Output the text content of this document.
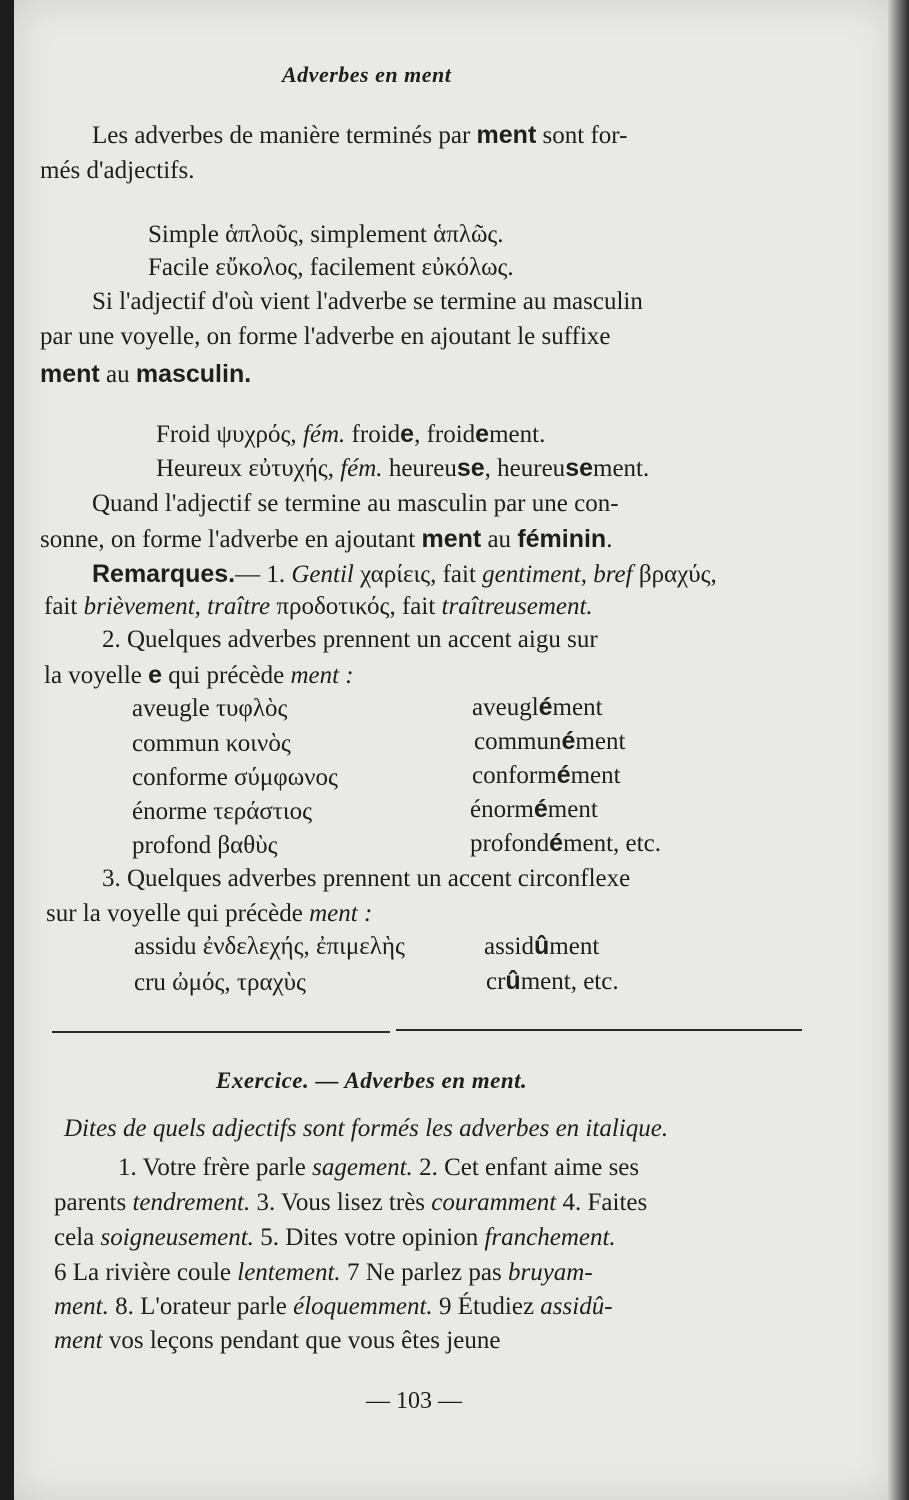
Adverbes en ment
Les adverbes de manière terminés par ment sont for-
més d'adjectifs.
Simple ἁπλοῦς, simplement ἁπλῶς.
Facile εὔκολος, facilement εὐκόλως.
Si l'adjectif d'où vient l'adverbe se termine au masculin
par une voyelle, on forme l'adverbe en ajoutant le suffixe
ment au masculin.
Froid ψυχρός, fém. froide, froidement.
Heureux εὐτυχής, fém. heureuse, heureusement.
Quand l'adjectif se termine au masculin par une con-
sonne, on forme l'adverbe en ajoutant ment au féminin.
Remarques.— 1. Gentil χαρίεις, fait gentiment, bref βραχύς,
fait brièvement, traître προδοτικός, fait traîtreusement.
2. Quelques adverbes prennent un accent aigu sur
la voyelle e qui précède ment :
aveugle τυφλὸς	aveuglément
commun κοινὸς	communément
conforme σύμφωνος	conformément
énorme τεράστιος	énormément
profond βαθὺς	profondément, etc.
3. Quelques adverbes prennent un accent circonflexe
sur la voyelle qui précède ment :
assidu ἐνδελεχής, ἐπιμελὴς	assidûment
cru ὠμός, τραχὺς	crûment, etc.
Exercice. — Adverbes en ment.
Dites de quels adjectifs sont formés les adverbes en italique.
1. Votre frère parle sagement. 2. Cet enfant aime ses
parents tendrement. 3. Vous lisez très couramment 4. Faites
cela soigneusement. 5. Dites votre opinion franchement.
6 La rivière coule lentement. 7 Ne parlez pas bruyam-
ment. 8. L'orateur parle éloquemment. 9 Étudiez assidû-
ment vos leçons pendant que vous êtes jeune
— 103 —
